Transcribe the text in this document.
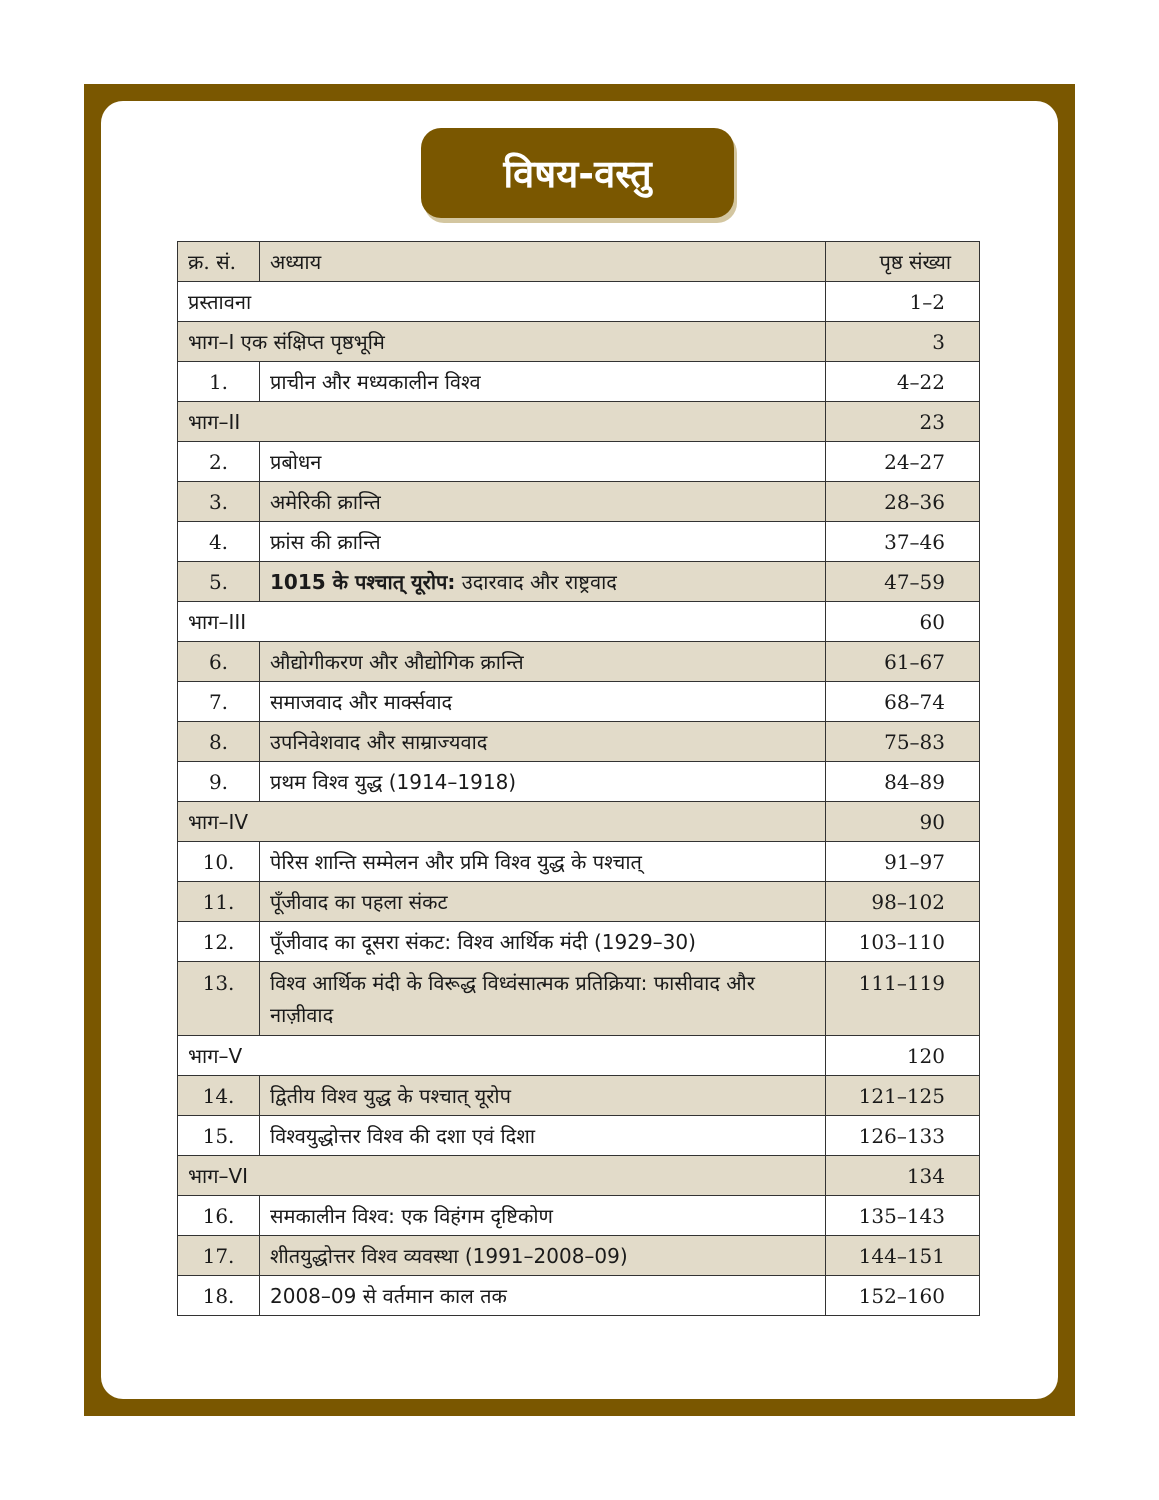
विषय-वस्तु
क्र. सं.	अध्याय	पृष्ठ संख्या
प्रस्तावना		1–2
भाग–I एक संक्षिप्त पृष्ठभूमि		3
1.	प्राचीन और मध्यकालीन विश्व	4–22
भाग–II		23
2.	प्रबोधन	24–27
3.	अमेरिकी क्रान्ति	28–36
4.	फ्रांस की क्रान्ति	37–46
5.	1015 के पश्चात् यूरोप: उदारवाद और राष्ट्रवाद	47–59
भाग–III		60
6.	औद्योगीकरण और औद्योगिक क्रान्ति	61–67
7.	समाजवाद और मार्क्सवाद	68–74
8.	उपनिवेशवाद और साम्राज्यवाद	75–83
9.	प्रथम विश्व युद्ध (1914–1918)	84–89
भाग–IV		90
10.	पेरिस शान्ति सम्मेलन और प्रमि विश्व युद्ध के पश्चात्	91–97
11.	पूँजीवाद का पहला संकट	98–102
12.	पूँजीवाद का दूसरा संकट: विश्व आर्थिक मंदी (1929–30)	103–110
13.	विश्व आर्थिक मंदी के विरूद्ध विध्वंसात्मक प्रतिक्रिया: फासीवाद और नाज़ीवाद	111–119
भाग–V		120
14.	द्वितीय विश्व युद्ध के पश्चात् यूरोप	121–125
15.	विश्वयुद्धोत्तर विश्व की दशा एवं दिशा	126–133
भाग–VI		134
16.	समकालीन विश्व: एक विहंगम दृष्टिकोण	135–143
17.	शीतयुद्धोत्तर विश्व व्यवस्था (1991–2008–09)	144–151
18.	2008–09 से वर्तमान काल तक	152–160
